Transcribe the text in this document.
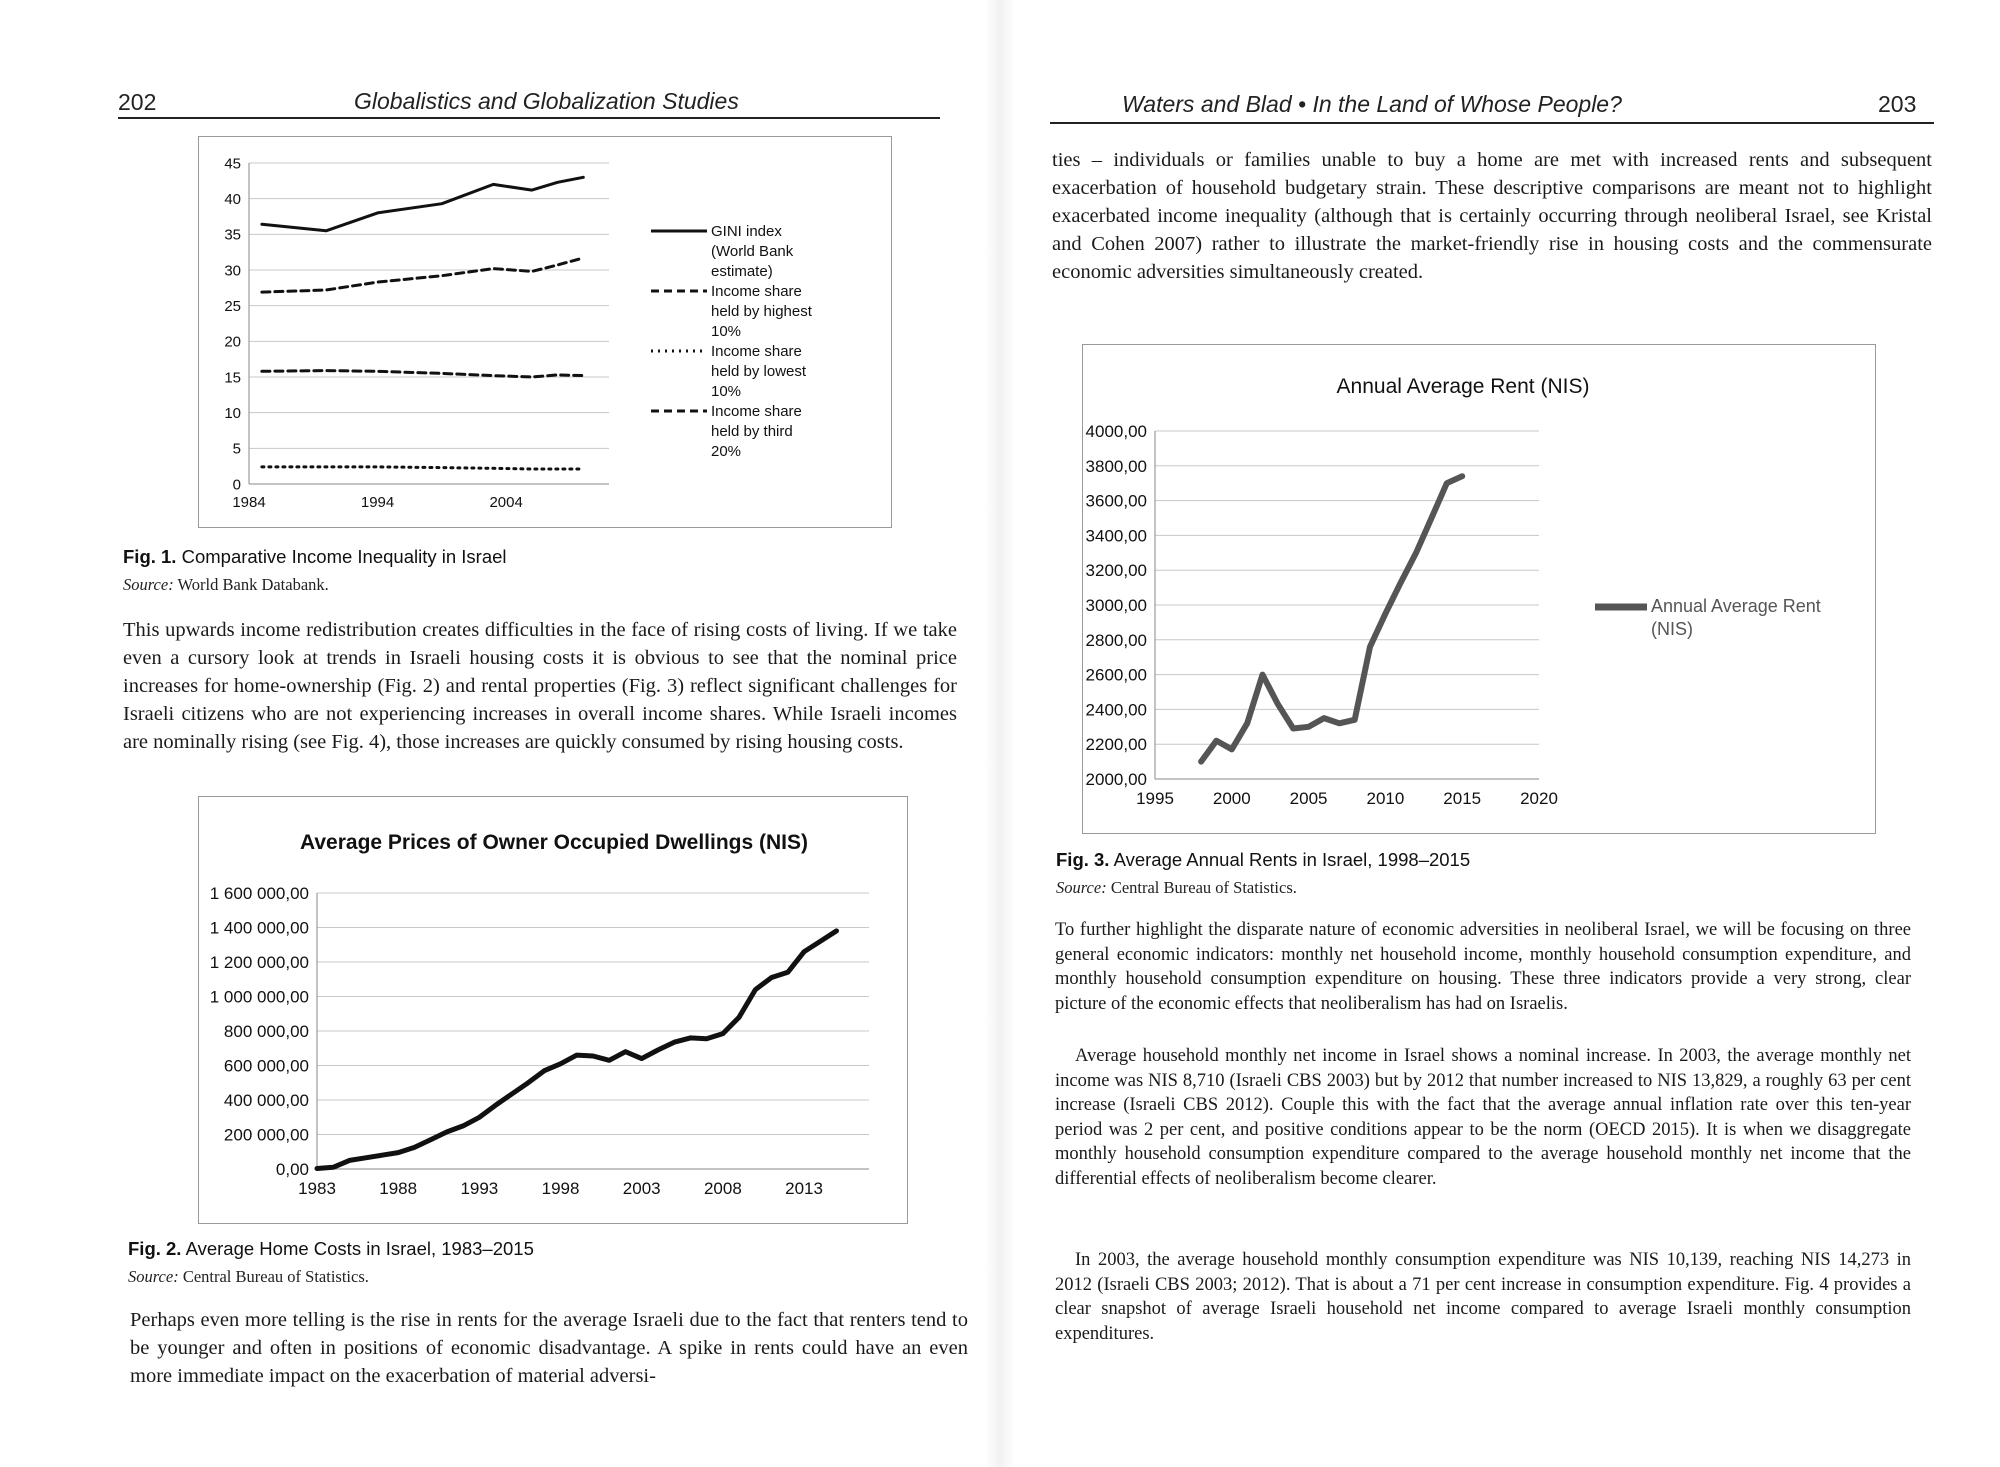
202	Globalistics and Globalization Studies
0
5
10
15
20
25
30
35
40
45
1984	1994	2004
GINI index (World Bank estimate)
Income share held by highest 10%
Income share held by lowest 10%
Income share held by third 20%
Fig. 1. Comparative Income Inequality in Israel
Source: World Bank Databank.
This upwards income redistribution creates difficulties in the face of rising costs of living. If we take even a cursory look at trends in Israeli housing costs it is obvious to see that the nominal price increases for home-ownership (Fig. 2) and rental properties (Fig. 3) reflect significant challenges for Israeli citizens who are not experiencing increases in overall income shares. While Israeli incomes are nominally rising (see Fig. 4), those increases are quickly consumed by rising housing costs.
Average Prices of Owner Occupied Dwellings (NIS)
0,00
200 000,00
400 000,00
600 000,00
800 000,00
1 000 000,00
1 200 000,00
1 400 000,00
1 600 000,00
1983	1988	1993	1998	2003	2008	2013
Fig. 2. Average Home Costs in Israel, 1983–2015
Source: Central Bureau of Statistics.
Perhaps even more telling is the rise in rents for the average Israeli due to the fact that renters tend to be younger and often in positions of economic disadvantage. A spike in rents could have an even more immediate impact on the exacerbation of material adversi-
Waters and Blad • In the Land of Whose People?	203
ties – individuals or families unable to buy a home are met with increased rents and subsequent exacerbation of household budgetary strain. These descriptive comparisons are meant not to highlight exacerbated income inequality (although that is certainly occurring through neoliberal Israel, see Kristal and Cohen 2007) rather to illustrate the market-friendly rise in housing costs and the commensurate economic adversities simultaneously created.
Annual Average Rent (NIS)
2000,00
2200,00
2400,00
2600,00
2800,00
3000,00
3200,00
3400,00
3600,00
3800,00
4000,00
1995 2000 2005 2010 2015 2020
Annual Average Rent (NIS)
Fig. 3. Average Annual Rents in Israel, 1998–2015
Source: Central Bureau of Statistics.
To further highlight the disparate nature of economic adversities in neoliberal Israel, we will be focusing on three general economic indicators: monthly net household income, monthly household consumption expenditure, and monthly household consumption expenditure on housing. These three indicators provide a very strong, clear picture of the economic effects that neoliberalism has had on Israelis.
Average household monthly net income in Israel shows a nominal increase. In 2003, the average monthly net income was NIS 8,710 (Israeli CBS 2003) but by 2012 that number increased to NIS 13,829, a roughly 63 per cent increase (Israeli CBS 2012). Couple this with the fact that the average annual inflation rate over this ten-year period was 2 per cent, and positive conditions appear to be the norm (OECD 2015). It is when we disaggregate monthly household consumption expenditure compared to the average household monthly net income that the differential effects of neoliberalism become clearer.
In 2003, the average household monthly consumption expenditure was NIS 10,139, reaching NIS 14,273 in 2012 (Israeli CBS 2003; 2012). That is about a 71 per cent increase in consumption expenditure. Fig. 4 provides a clear snapshot of average Israeli household net income compared to average Israeli monthly consumption expenditures.
